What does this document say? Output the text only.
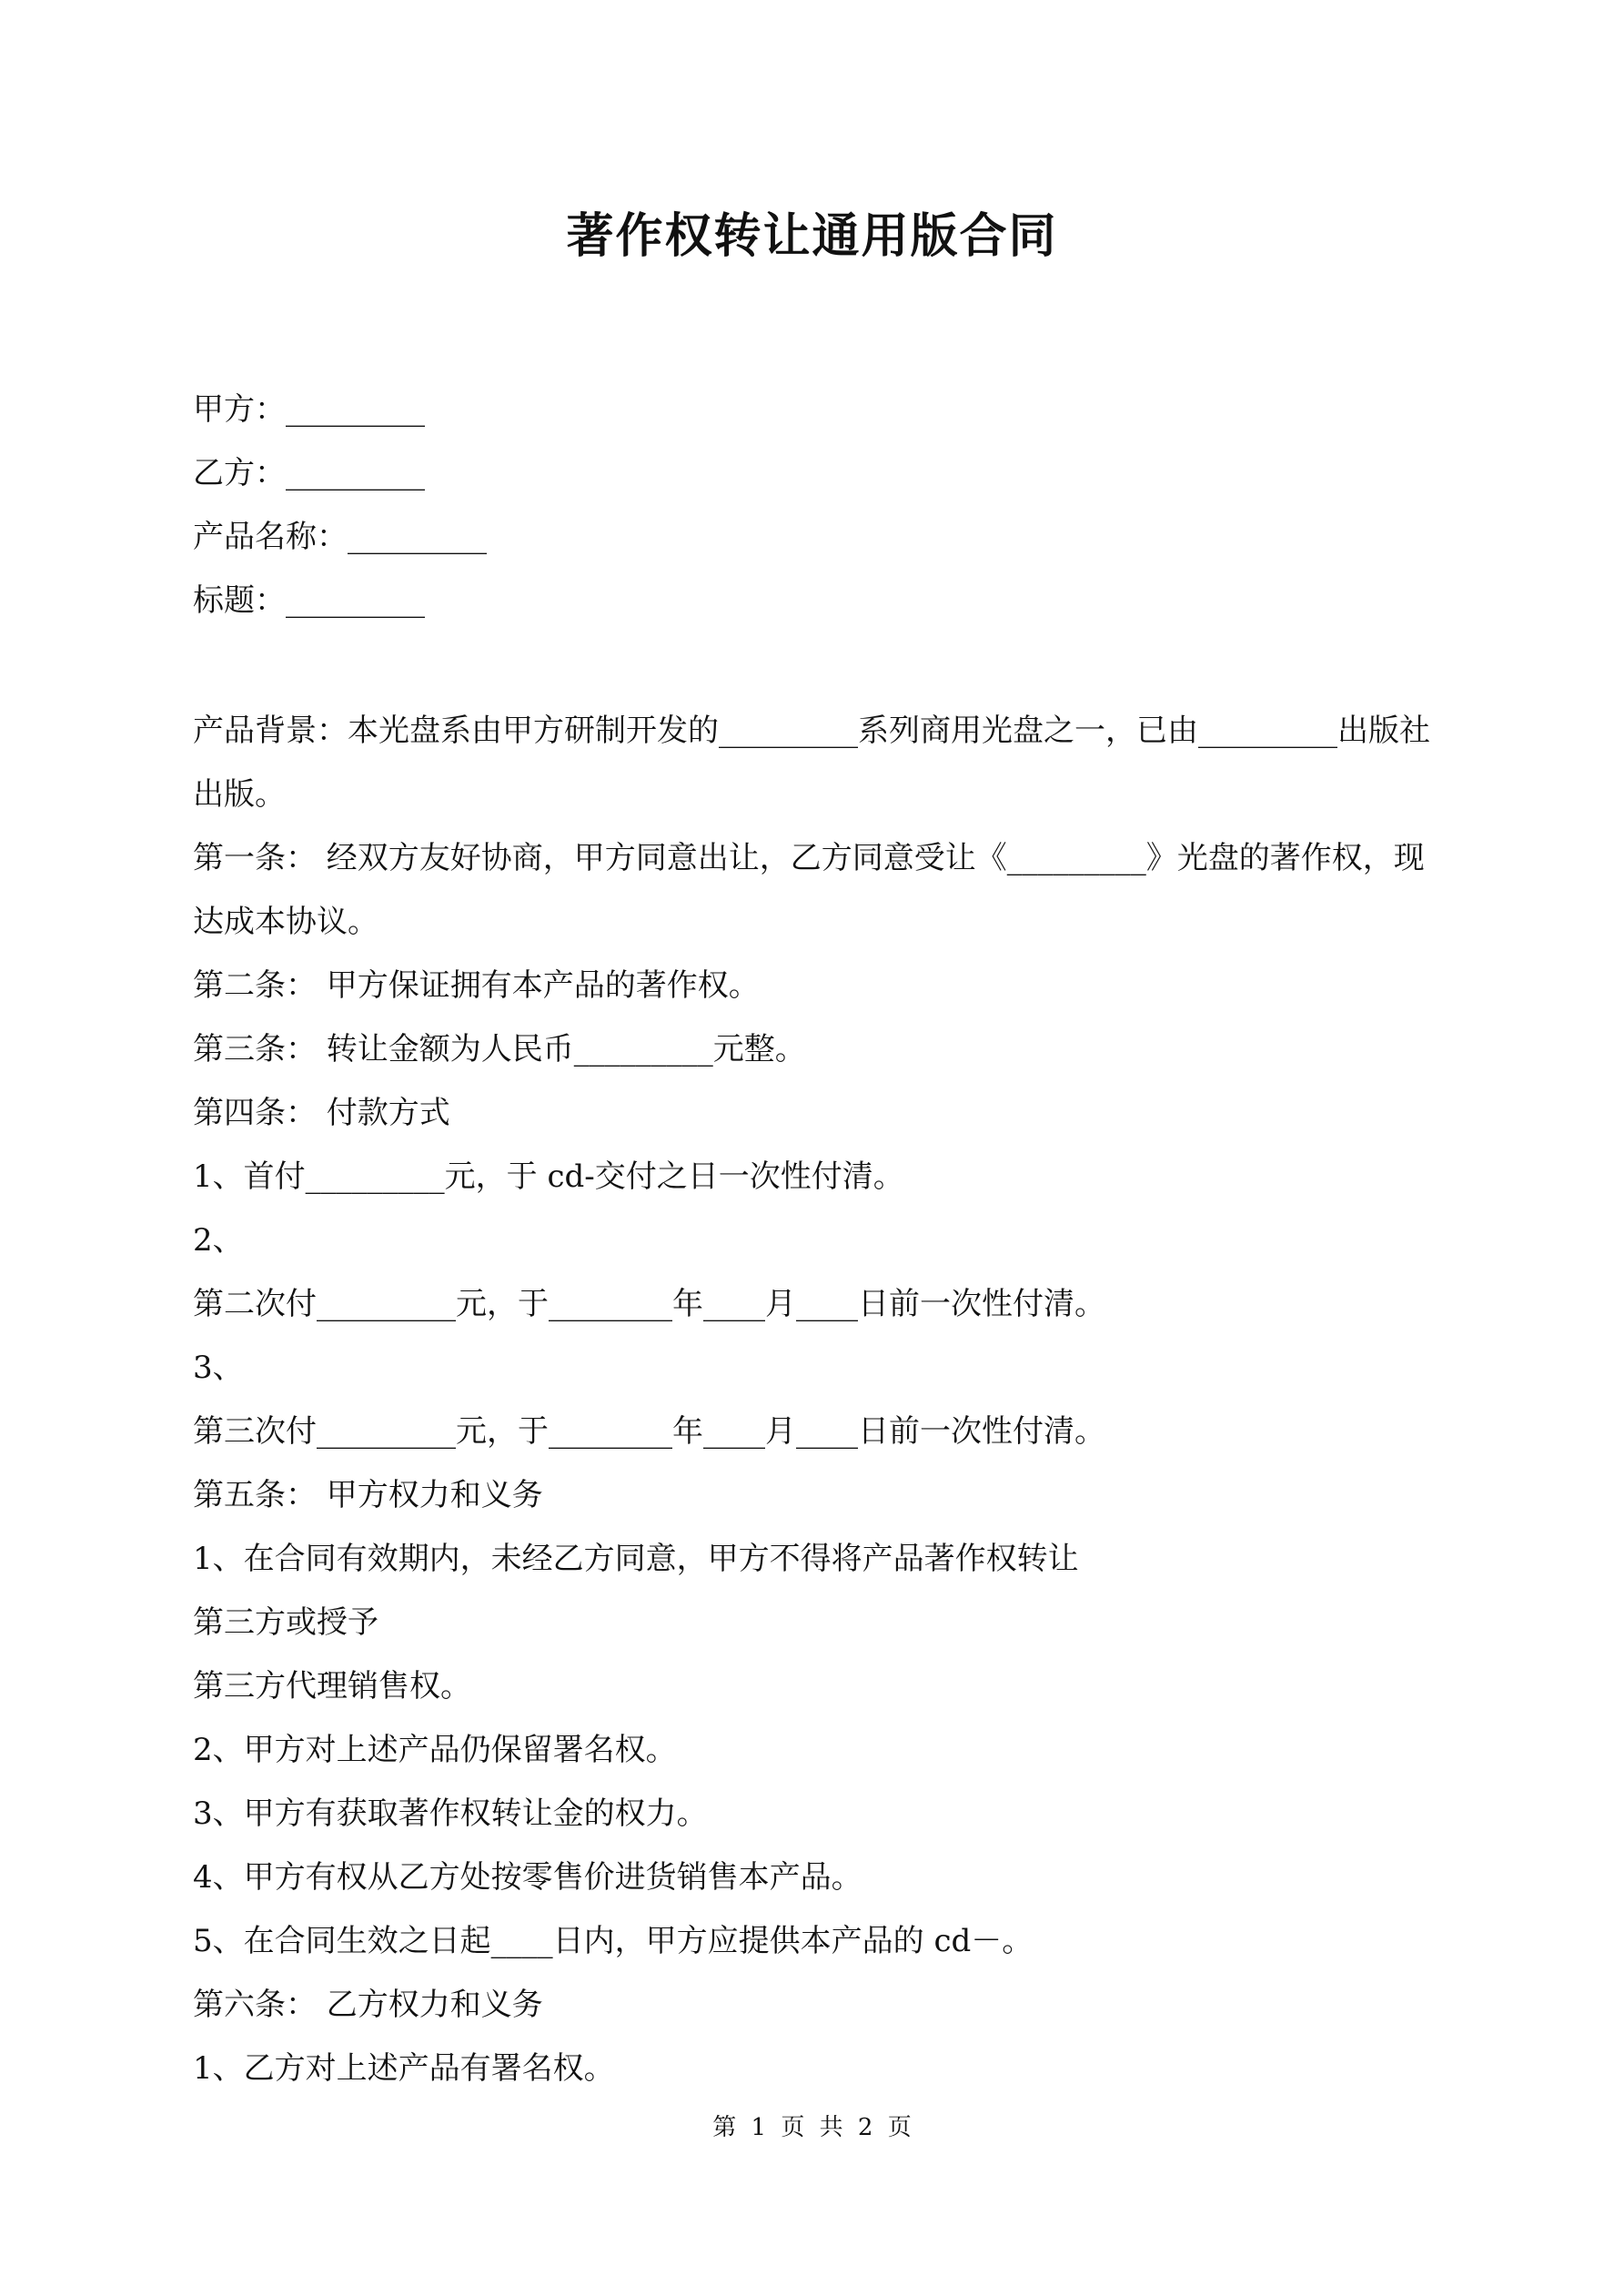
著作权转让通用版合同
甲方：_________
乙方：_________
产品名称：_________
标题：_________
产品背景：本光盘系由甲方研制开发的_________系列商用光盘之一，已由_________出版社出版。
第一条： 经双方友好协商，甲方同意出让，乙方同意受让《_________》光盘的著作权，现达成本协议。
第二条： 甲方保证拥有本产品的著作权。
第三条： 转让金额为人民币_________元整。
第四条： 付款方式
1、首付_________元，于 cd-交付之日一次性付清。
2、
第二次付_________元，于________年____月____日前一次性付清。
3、
第三次付_________元，于________年____月____日前一次性付清。
第五条： 甲方权力和义务
1、在合同有效期内，未经乙方同意，甲方不得将产品著作权转让
第三方或授予
第三方代理销售权。
2、甲方对上述产品仍保留署名权。
3、甲方有获取著作权转让金的权力。
4、甲方有权从乙方处按零售价进货销售本产品。
5、在合同生效之日起____日内，甲方应提供本产品的 cd－。
第六条： 乙方权力和义务
1、乙方对上述产品有署名权。
第 1 页 共 2 页
